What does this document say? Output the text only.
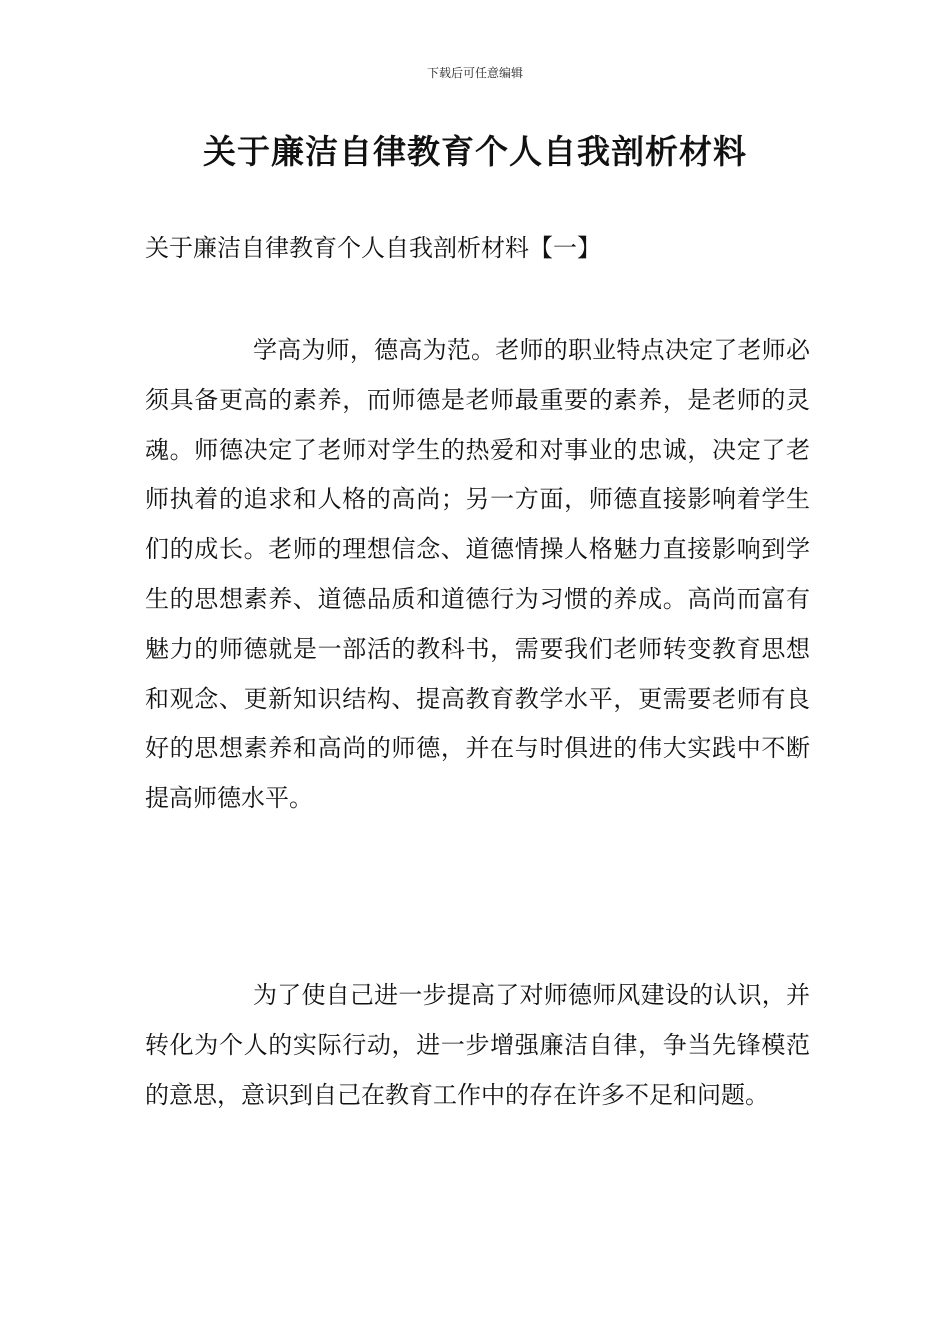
下载后可任意编辑
关于廉洁自律教育个人自我剖析材料
关于廉洁自律教育个人自我剖析材料【一】

学高为师，德高为范。老师的职业特点决定了老师必须具备更高的素养，而师德是老师最重要的素养，是老师的灵魂。师德决定了老师对学生的热爱和对事业的忠诚，决定了老师执着的追求和人格的高尚；另一方面，师德直接影响着学生们的成长。老师的理想信念、道德情操人格魅力直接影响到学生的思想素养、道德品质和道德行为习惯的养成。高尚而富有魅力的师德就是一部活的教科书，需要我们老师转变教育思想和观念、更新知识结构、提高教育教学水平，更需要老师有良好的思想素养和高尚的师德，并在与时俱进的伟大实践中不断提高师德水平。

为了使自己进一步提高了对师德师风建设的认识，并转化为个人的实际行动，进一步增强廉洁自律，争当先锋模范的意思，意识到自己在教育工作中的存在许多不足和问题。
